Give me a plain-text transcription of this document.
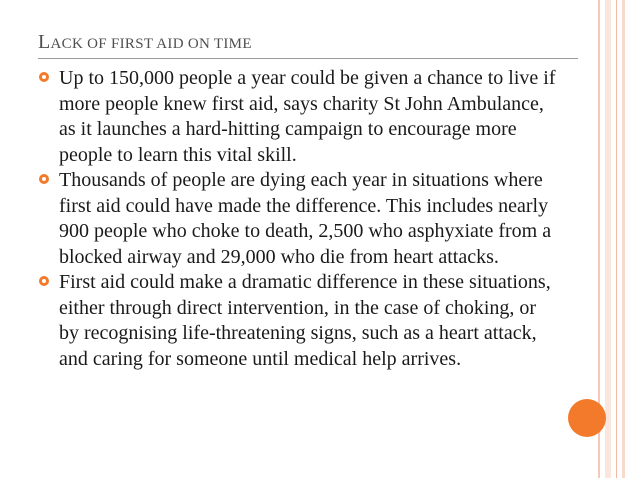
LACK OF FIRST AID ON TIME
Up to 150,000 people a year could be given a chance to live if more people knew first aid, says charity St John Ambulance, as it launches a hard-hitting campaign to encourage more people to learn this vital skill.
Thousands of people are dying each year in situations where first aid could have made the difference. This includes nearly 900 people who choke to death, 2,500 who asphyxiate from a blocked airway and 29,000 who die from heart attacks.
First aid could make a dramatic difference in these situations, either through direct intervention, in the case of choking, or by recognising life-threatening signs, such as a heart attack, and caring for someone until medical help arrives.
